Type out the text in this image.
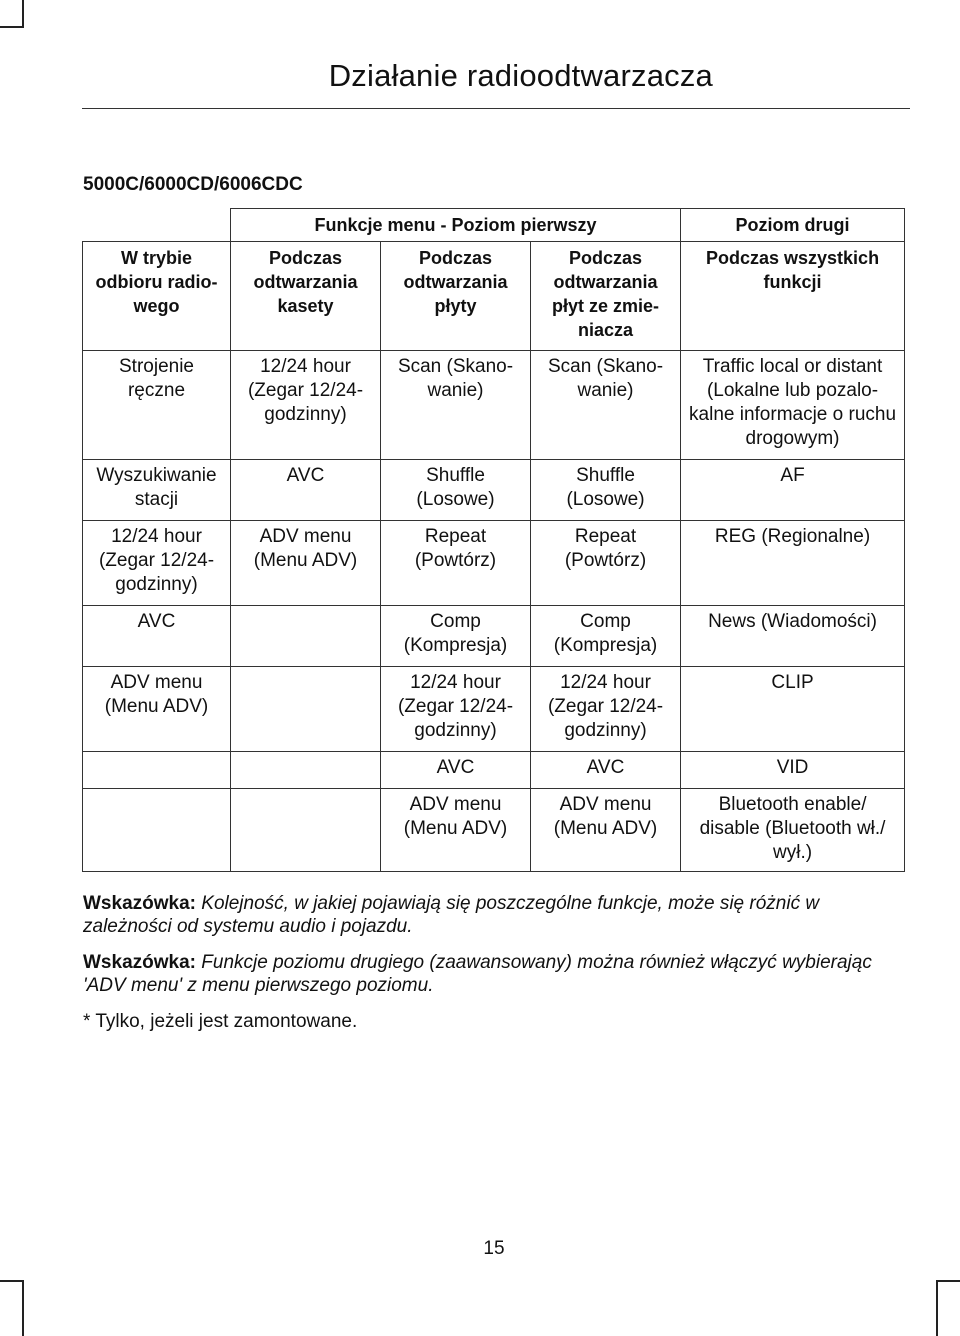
Działanie radioodtwarzacza
5000C/6000CD/6006CDC
	Funkcje menu - Poziom pierwszy			Poziom drugi
W trybie odbioru radio-wego	Podczas odtwarzania kasety	Podczas odtwarzania płyty	Podczas odtwarzania płyt ze zmie-niacza	Podczas wszystkich funkcji
Strojenie ręczne	12/24 hour (Zegar 12/24-godzinny)	Scan (Skano-wanie)	Scan (Skano-wanie)	Traffic local or distant (Lokalne lub pozalo-kalne informacje o ruchu drogowym)
Wyszukiwanie stacji	AVC	Shuffle (Losowe)	Shuffle (Losowe)	AF
12/24 hour (Zegar 12/24-godzinny)	ADV menu (Menu ADV)	Repeat (Powtórz)	Repeat (Powtórz)	REG (Regionalne)
AVC		Comp (Kompresja)	Comp (Kompresja)	News (Wiadomości)
ADV menu (Menu ADV)		12/24 hour (Zegar 12/24-godzinny)	12/24 hour (Zegar 12/24-godzinny)	CLIP
		AVC	AVC	VID
		ADV menu (Menu ADV)	ADV menu (Menu ADV)	Bluetooth enable/ disable (Bluetooth wł./ wył.)

Wskazówka: Kolejność, w jakiej pojawiają się poszczególne funkcje, może się różnić w zależności od systemu audio i pojazdu.

Wskazówka: Funkcje poziomu drugiego (zaawansowany) można również włączyć wybierając 'ADV menu' z menu pierwszego poziomu.

* Tylko, jeżeli jest zamontowane.

15
